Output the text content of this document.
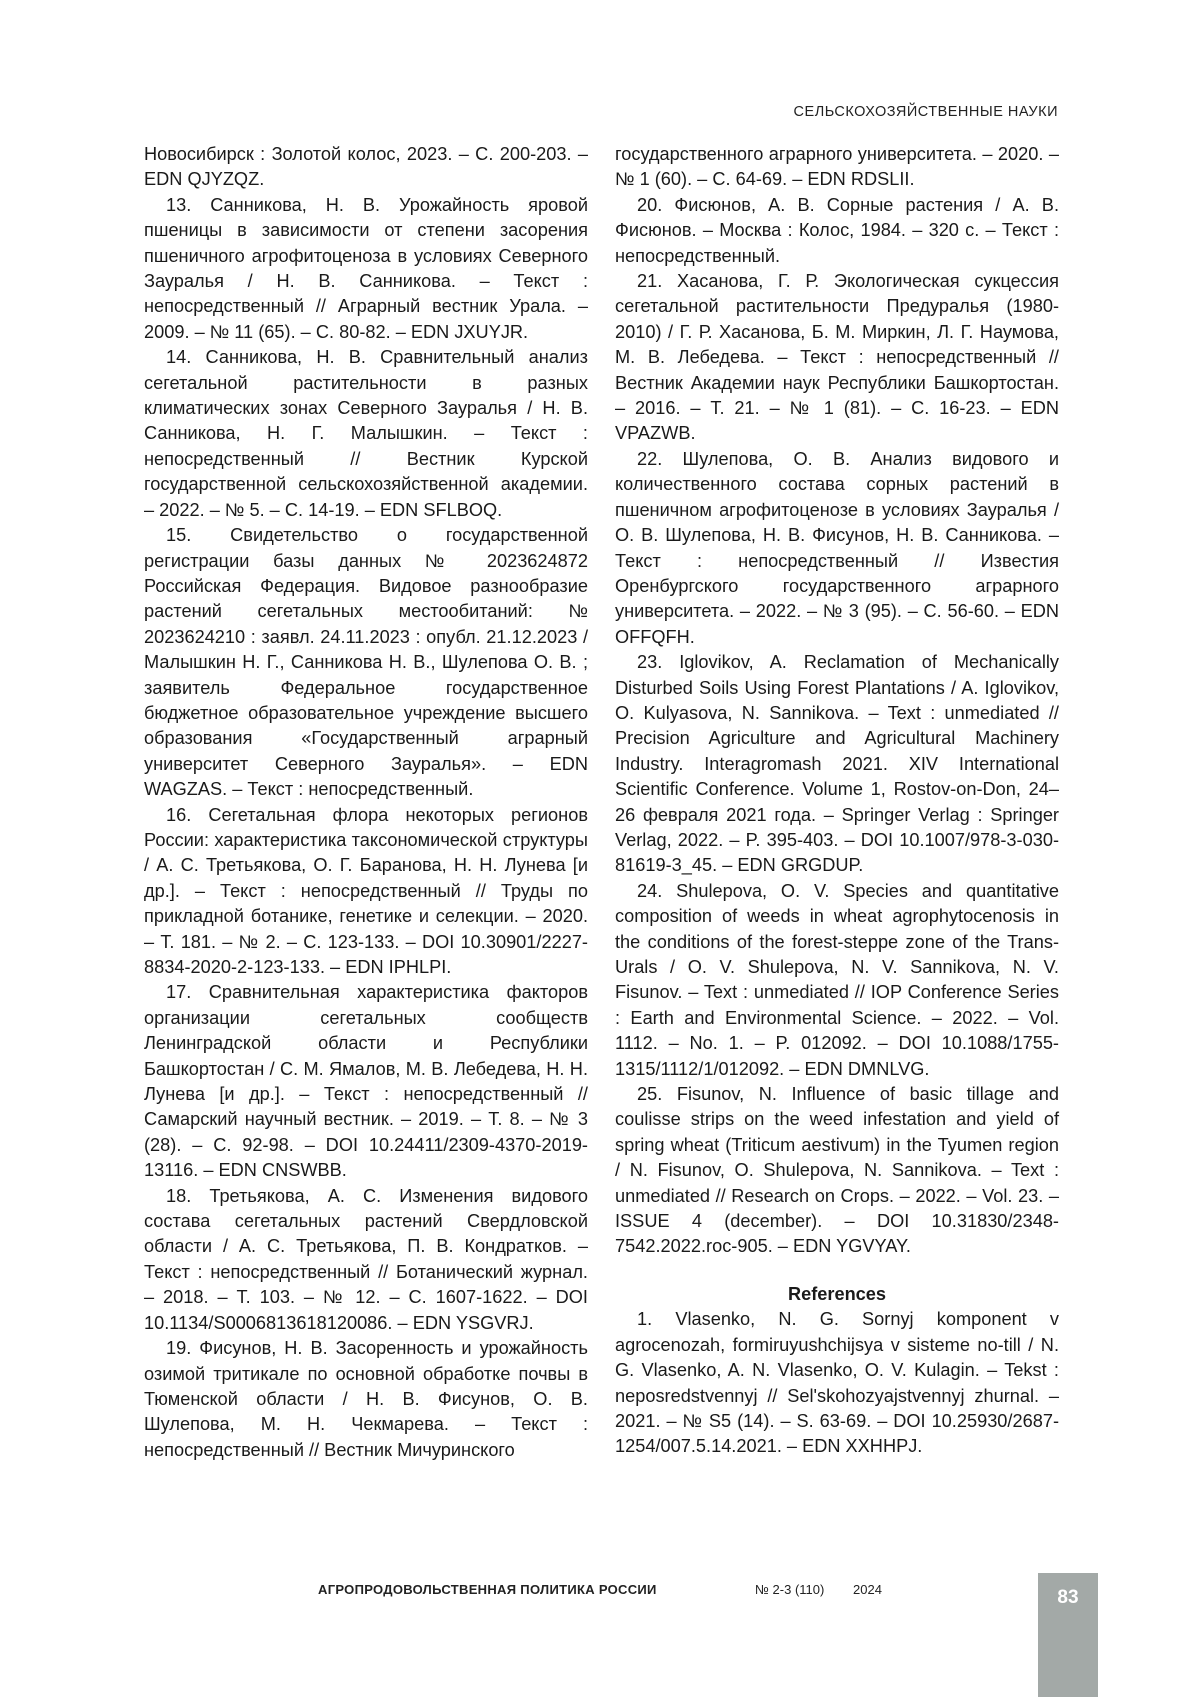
СЕЛЬСКОХОЗЯЙСТВЕННЫЕ НАУКИ

Новосибирск : Золотой колос, 2023. – С. 200-203. – EDN QJYZQZ.

13. Санникова, Н. В. Урожайность яровой пшеницы в зависимости от степени засорения пшеничного агрофитоценоза в условиях Северного Зауралья / Н. В. Санникова. – Текст : непосредственный // Аграрный вестник Урала. – 2009. – № 11 (65). – С. 80-82. – EDN JXUYJR.

14. Санникова, Н. В. Сравнительный анализ сегетальной растительности в разных климатических зонах Северного Зауралья / Н. В. Санникова, Н. Г. Малышкин. – Текст : непосредственный // Вестник Курской государственной сельскохозяйственной академии. – 2022. – № 5. – С. 14-19. – EDN SFLBOQ.

15. Свидетельство о государственной регистрации базы данных № 2023624872 Российская Федерация. Видовое разнообразие растений сегетальных местообитаний: № 2023624210 : заявл. 24.11.2023 : опубл. 21.12.2023 / Малышкин Н. Г., Санникова Н. В., Шулепова О. В. ; заявитель Федеральное государственное бюджетное образовательное учреждение высшего образования «Государственный аграрный университет Северного Зауралья». – EDN WAGZAS. – Текст : непосредственный.

16. Сегетальная флора некоторых регионов России: характеристика таксономической структуры / А. С. Третьякова, О. Г. Баранова, Н. Н. Лунева [и др.]. – Текст : непосредственный // Труды по прикладной ботанике, генетике и селекции. – 2020. – Т. 181. – № 2. – С. 123-133. – DOI 10.30901/2227-8834-2020-2-123-133. – EDN IPHLPI.

17. Сравнительная характеристика факторов организации сегетальных сообществ Ленинградской области и Республики Башкортостан / С. М. Ямалов, М. В. Лебедева, Н. Н. Лунева [и др.]. – Текст : непосредственный // Самарский научный вестник. – 2019. – Т. 8. – № 3 (28). – С. 92-98. – DOI 10.24411/2309-4370-2019-13116. – EDN CNSWBB.

18. Третьякова, А. С. Изменения видового состава сегетальных растений Свердловской области / А. С. Третьякова, П. В. Кондратков. – Текст : непосредственный // Ботанический журнал. – 2018. – Т. 103. – № 12. – С. 1607-1622. – DOI 10.1134/S0006813618120086. – EDN YSGVRJ.

19. Фисунов, Н. В. Засоренность и урожайность озимой тритикале по основной обработке почвы в Тюменской области / Н. В. Фисунов, О. В. Шулепова, М. Н. Чекмарева. – Текст : непосредственный // Вестник Мичуринского

государственного аграрного университета. – 2020. – № 1 (60). – С. 64-69. – EDN RDSLII.

20. Фисюнов, А. В. Сорные растения / А. В. Фисюнов. – Москва : Колос, 1984. – 320 с. – Текст : непосредственный.

21. Хасанова, Г. Р. Экологическая сукцессия сегетальной растительности Предуралья (1980-2010) / Г. Р. Хасанова, Б. М. Миркин, Л. Г. Наумова, М. В. Лебедева. – Текст : непосредственный // Вестник Академии наук Республики Башкортостан. – 2016. – Т. 21. – № 1 (81). – С. 16-23. – EDN VPAZWB.

22. Шулепова, О. В. Анализ видового и количественного состава сорных растений в пшеничном агрофитоценозе в условиях Зауралья / О. В. Шулепова, Н. В. Фисунов, Н. В. Санникова. – Текст : непосредственный // Известия Оренбургского государственного аграрного университета. – 2022. – № 3 (95). – С. 56-60. – EDN OFFQFH.

23. Iglovikov, A. Reclamation of Mechanically Disturbed Soils Using Forest Plantations / A. Iglovikov, O. Kulyasova, N. Sannikova. – Text : unmediated // Precision Agriculture and Agricultural Machinery Industry. Interagromash 2021. XIV International Scientific Conference. Volume 1, Rostov-on-Don, 24–26 февраля 2021 года. – Springer Verlag : Springer Verlag, 2022. – P. 395-403. – DOI 10.1007/978-3-030-81619-3_45. – EDN GRGDUP.

24. Shulepova, O. V. Species and quantitative composition of weeds in wheat agrophytocenosis in the conditions of the forest-steppe zone of the Trans-Urals / O. V. Shulepova, N. V. Sannikova, N. V. Fisunov. – Text : unmediated // IOP Conference Series : Earth and Environmental Science. – 2022. – Vol. 1112. – No. 1. – P. 012092. – DOI 10.1088/1755-1315/1112/1/012092. – EDN DMNLVG.

25. Fisunov, N. Influence of basic tillage and coulisse strips on the weed infestation and yield of spring wheat (Triticum aestivum) in the Tyumen region / N. Fisunov, O. Shulepova, N. Sannikova. – Text : unmediated // Research on Crops. – 2022. – Vol. 23. – ISSUE 4 (december). – DOI 10.31830/2348-7542.2022.roc-905. – EDN YGVYAY.

References

1. Vlasenko, N. G. Sornyj komponent v agrocenozah, formiruyushchijsya v sisteme no-till / N. G. Vlasenko, A. N. Vlasenko, O. V. Kulagin. – Tekst : neposredstvennyj // Sel'skohozyajstvennyj zhurnal. – 2021. – № S5 (14). – S. 63-69. – DOI 10.25930/2687-1254/007.5.14.2021. – EDN XXHHPJ.

АГРОПРОДОВОЛЬСТВЕННАЯ ПОЛИТИКА РОССИИ	№ 2-3 (110) 2024	83
